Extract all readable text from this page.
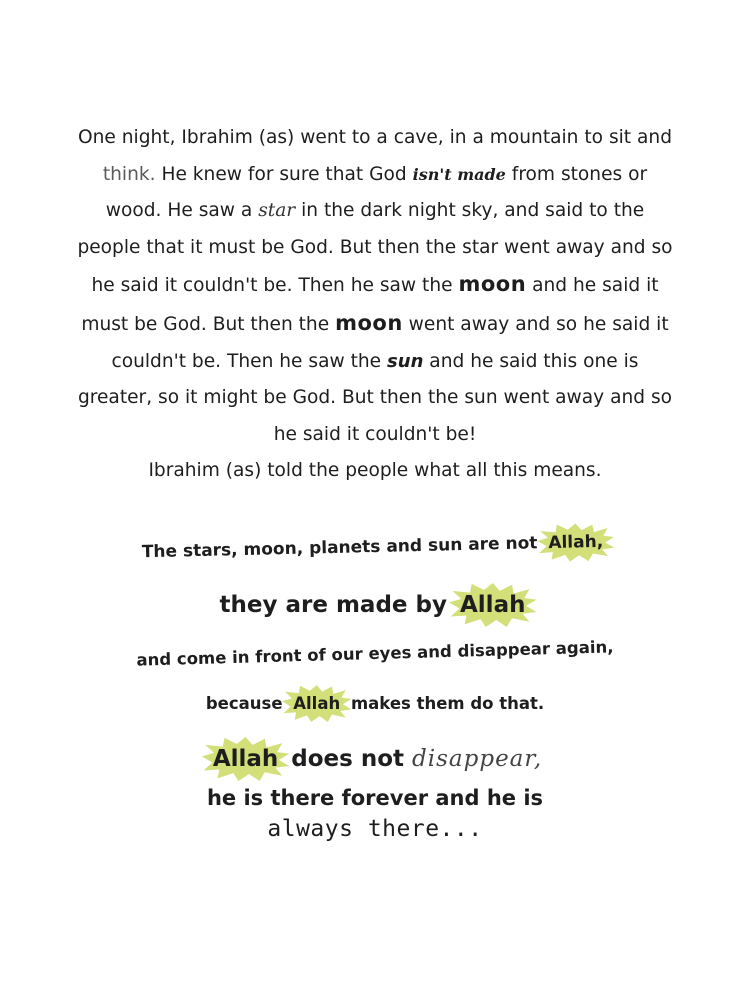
One night, Ibrahim (as) went to a cave, in a mountain to sit and
think. He knew for sure that God isn't made from stones or
wood. He saw a star in the dark night sky, and said to the
people that it must be God. But then the star went away and so
he said it couldn't be. Then he saw the moon and he said it
must be God. But then the moon went away and so he said it
couldn't be. Then he saw the sun and he said this one is
greater, so it might be God. But then the sun went away and so
he said it couldn't be!
Ibrahim (as) told the people what all this means.
The stars, moon, planets and sun are not Allah,
they are made by Allah
and come in front of our eyes and disappear again,
because Allah makes them do that.
Allah does not disappear,
he is there forever and he is
always there...
